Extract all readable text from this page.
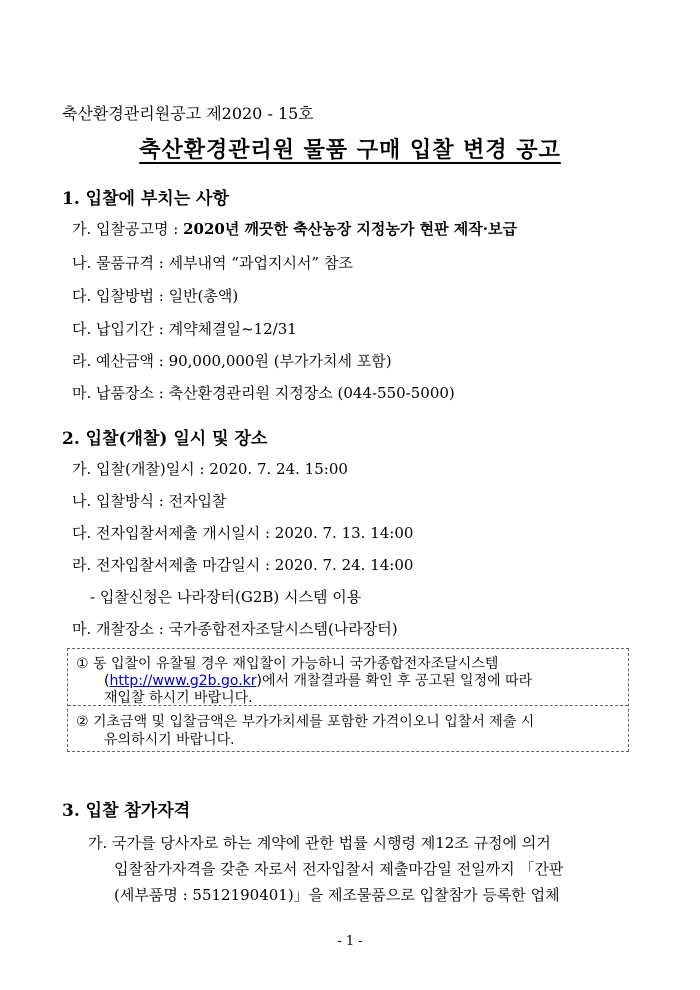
축산환경관리원공고 제2020 - 15호
축산환경관리원 물품 구매 입찰 변경 공고
1. 입찰에 부치는 사항
가. 입찰공고명 : 2020년 깨끗한 축산농장 지정농가 현판 제작·보급
나. 물품규격 : 세부내역 “과업지시서” 참조
다. 입찰방법 : 일반(총액)
다. 납입기간 : 계약체결일~12/31
라. 예산금액 : 90,000,000원 (부가가치세 포함)
마. 납품장소 : 축산환경관리원 지정장소 (044-550-5000)
2. 입찰(개찰) 일시 및 장소
가. 입찰(개찰)일시 : 2020. 7. 24. 15:00
나. 입찰방식 : 전자입찰
다. 전자입찰서제출 개시일시 : 2020. 7. 13. 14:00
라. 전자입찰서제출 마감일시 : 2020. 7. 24. 14:00
- 입찰신청은 나라장터(G2B) 시스템 이용
마. 개찰장소 : 국가종합전자조달시스템(나라장터)
① 동 입찰이 유찰될 경우 재입찰이 가능하니 국가종합전자조달시스템
(http://www.g2b.go.kr)에서 개찰결과를 확인 후 공고된 일정에 따라
재입찰 하시기 바랍니다.
② 기초금액 및 입찰금액은 부가가치세를 포함한 가격이오니 입찰서 제출 시
유의하시기 바랍니다.
3. 입찰 참가자격
가. 국가를 당사자로 하는 계약에 관한 법률 시행령 제12조 규정에 의거
입찰참가자격을 갖춘 자로서 전자입찰서 제출마감일 전일까지 「간판
(세부품명 : 5512190401)」을 제조물품으로 입찰참가 등록한 업체
- 1 -
